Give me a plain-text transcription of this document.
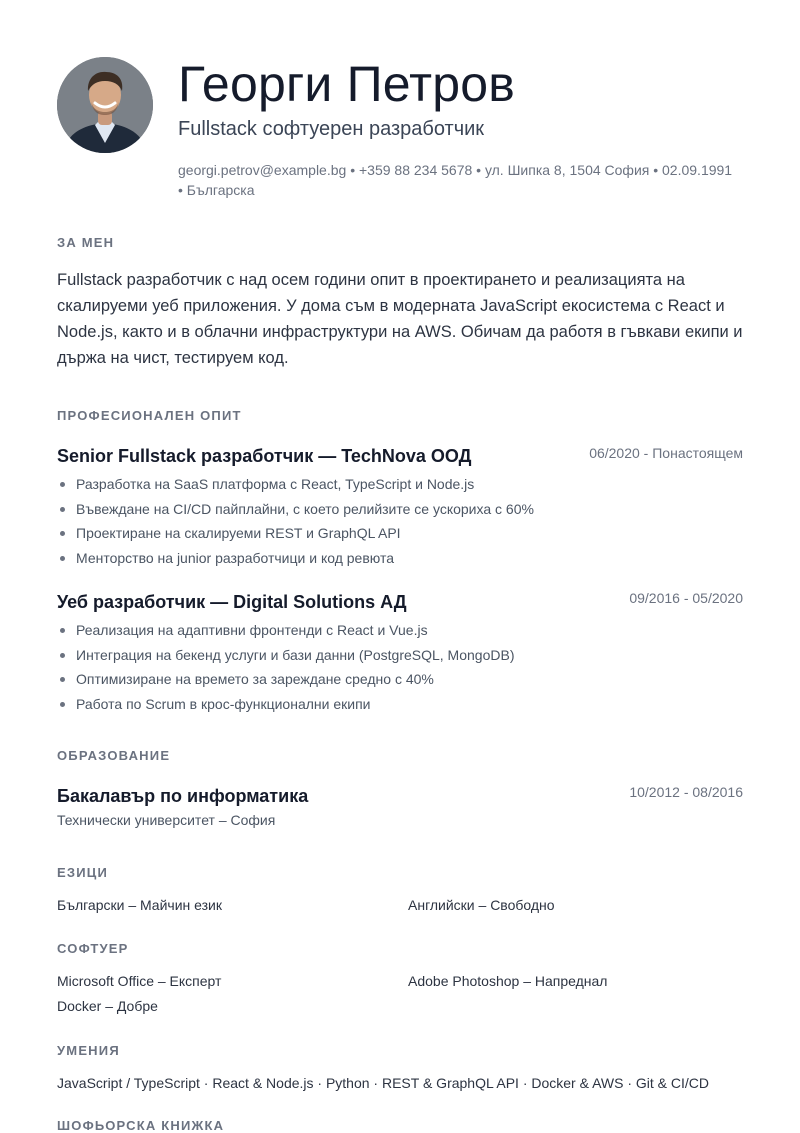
Георги Петров
Fullstack софтуерен разработчик
georgi.petrov@example.bg • +359 88 234 5678 • ул. Шипка 8, 1504 София • 02.09.1991 • Българска
ЗА МЕН
Fullstack разработчик с над осем години опит в проектирането и реализацията на скалируеми уеб приложения. У дома съм в модерната JavaScript екосистема с React и Node.js, както и в облачни инфраструктури на AWS. Обичам да работя в гъвкави екипи и държа на чист, тестируем код.
ПРОФЕСИОНАЛЕН ОПИТ
Senior Fullstack разработчик — TechNova ООД	06/2020 - Понастоящем
Разработка на SaaS платформа с React, TypeScript и Node.js
Въвеждане на CI/CD пайплайни, с което релийзите се ускориха с 60%
Проектиране на скалируеми REST и GraphQL API
Менторство на junior разработчици и код ревюта
Уеб разработчик — Digital Solutions АД	09/2016 - 05/2020
Реализация на адаптивни фронтенди с React и Vue.js
Интеграция на бекенд услуги и бази данни (PostgreSQL, MongoDB)
Оптимизиране на времето за зареждане средно с 40%
Работа по Scrum в крос-функционални екипи
ОБРАЗОВАНИЕ
Бакалавър по информатика	10/2012 - 08/2016
Технически университет – София
ЕЗИЦИ
Български – Майчин език	Английски – Свободно
СОФТУЕР
Microsoft Office – Експерт	Adobe Photoshop – Напреднал
Docker – Добре
УМЕНИЯ
JavaScript / TypeScript · React & Node.js · Python · REST & GraphQL API · Docker & AWS · Git & CI/CD
ШОФЬОРСКА КНИЖКА
